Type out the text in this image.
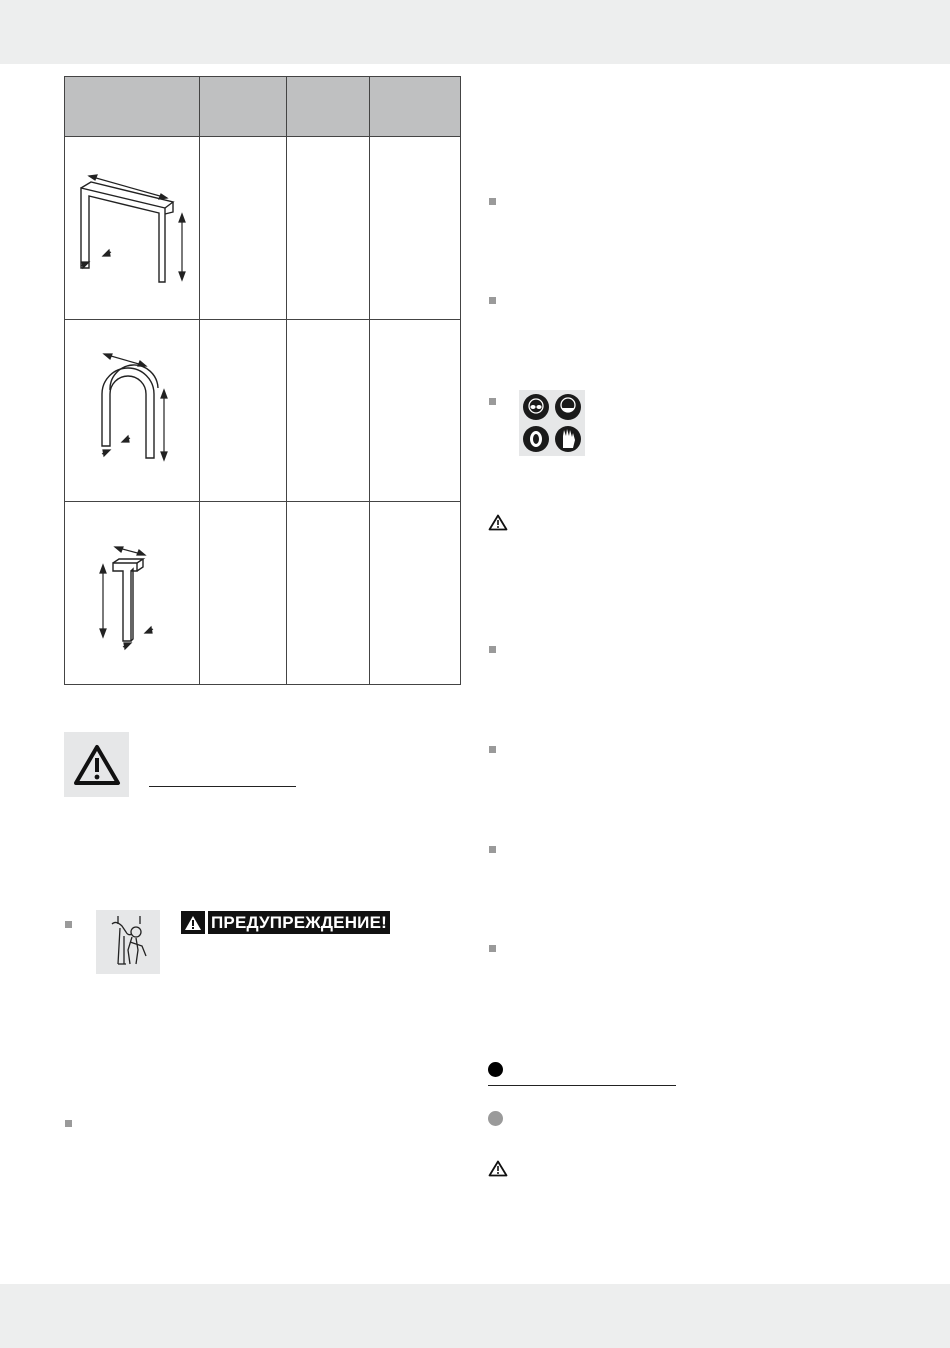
ПРЕДУПРЕЖДЕНИЕ!
